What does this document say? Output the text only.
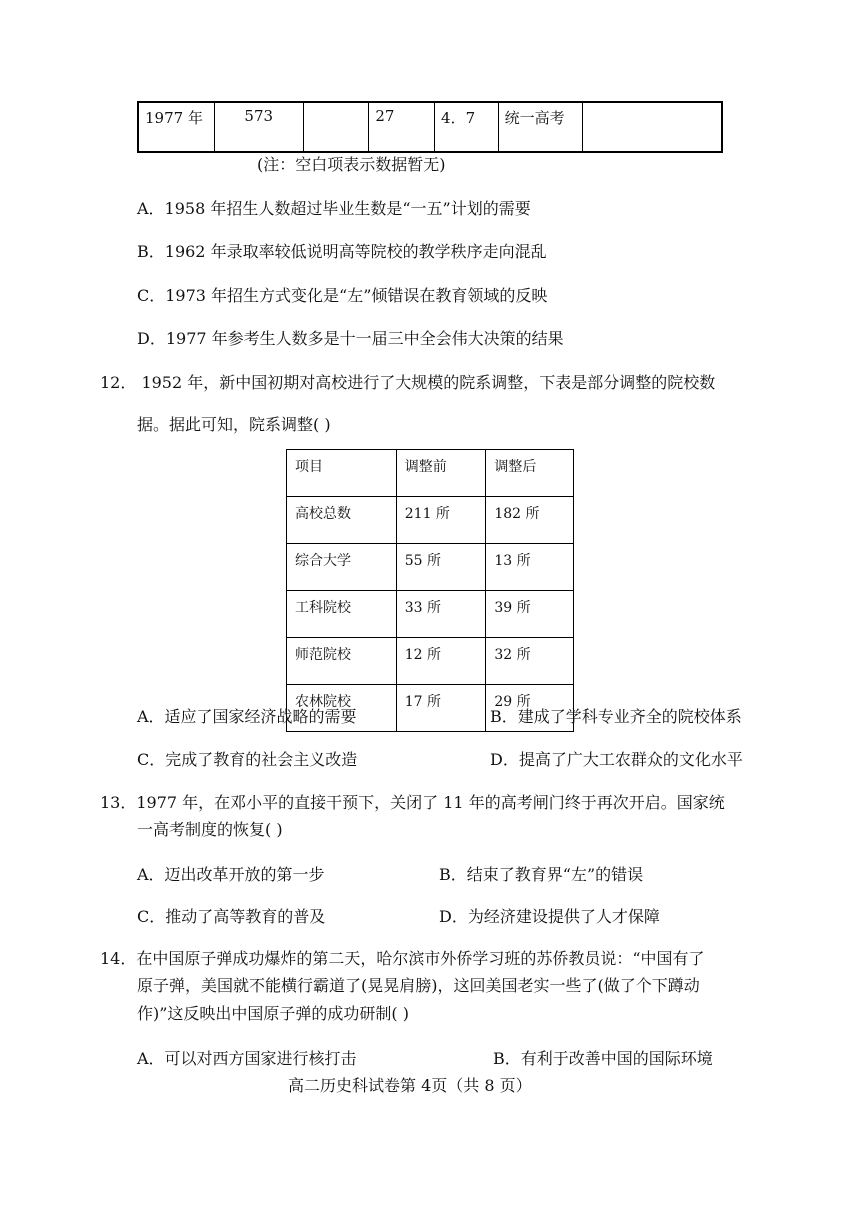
1977 年	573		27	4．7	统一高考	
(注：空白项表示数据暂无)
A．1958 年招生人数超过毕业生数是“一五”计划的需要
B．1962 年录取率较低说明高等院校的教学秩序走向混乱
C．1973 年招生方式变化是“左”倾错误在教育领域的反映
D．1977 年参考生人数多是十一届三中全会伟大决策的结果
12． 1952 年，新中国初期对高校进行了大规模的院系调整，下表是部分调整的院校数
据。据此可知，院系调整( )
项目	调整前	调整后
高校总数	211 所	182 所
综合大学	55 所	13 所
工科院校	33 所	39 所
师范院校	12 所	32 所
农林院校	17 所	29 所
A．适应了国家经济战略的需要	B．建成了学科专业齐全的院校体系
C．完成了教育的社会主义改造	D．提高了广大工农群众的文化水平
13．1977 年，在邓小平的直接干预下，关闭了 11 年的高考闸门终于再次开启。国家统
一高考制度的恢复( )
A．迈出改革开放的第一步	B．结束了教育界“左”的错误
C．推动了高等教育的普及	D．为经济建设提供了人才保障
14．在中国原子弹成功爆炸的第二天，哈尔滨市外侨学习班的苏侨教员说：“中国有了
原子弹，美国就不能横行霸道了(晃晃肩膀)，这回美国老实一些了(做了个下蹲动
作)”这反映出中国原子弹的成功研制( )
A．可以对西方国家进行核打击	B．有利于改善中国的国际环境
高二历史科试卷第 4页（共 8 页）
